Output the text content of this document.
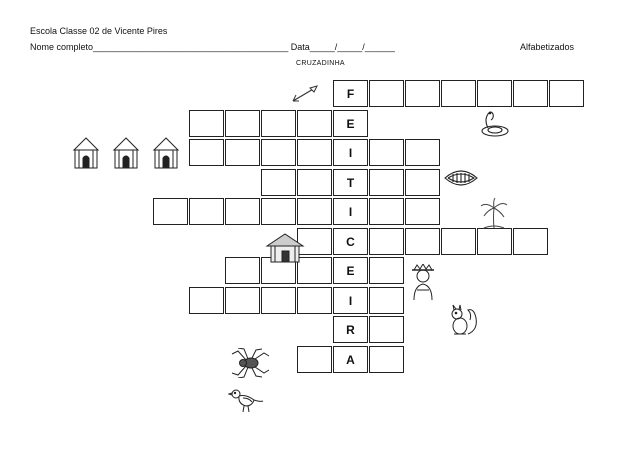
Escola Classe 02 de Vicente Pires
Nome completo_______________________________________ Data_____/_____/______	Alfabetizados
CRUZADINHA
F
E
I
T
I
C
E
I
R
A
